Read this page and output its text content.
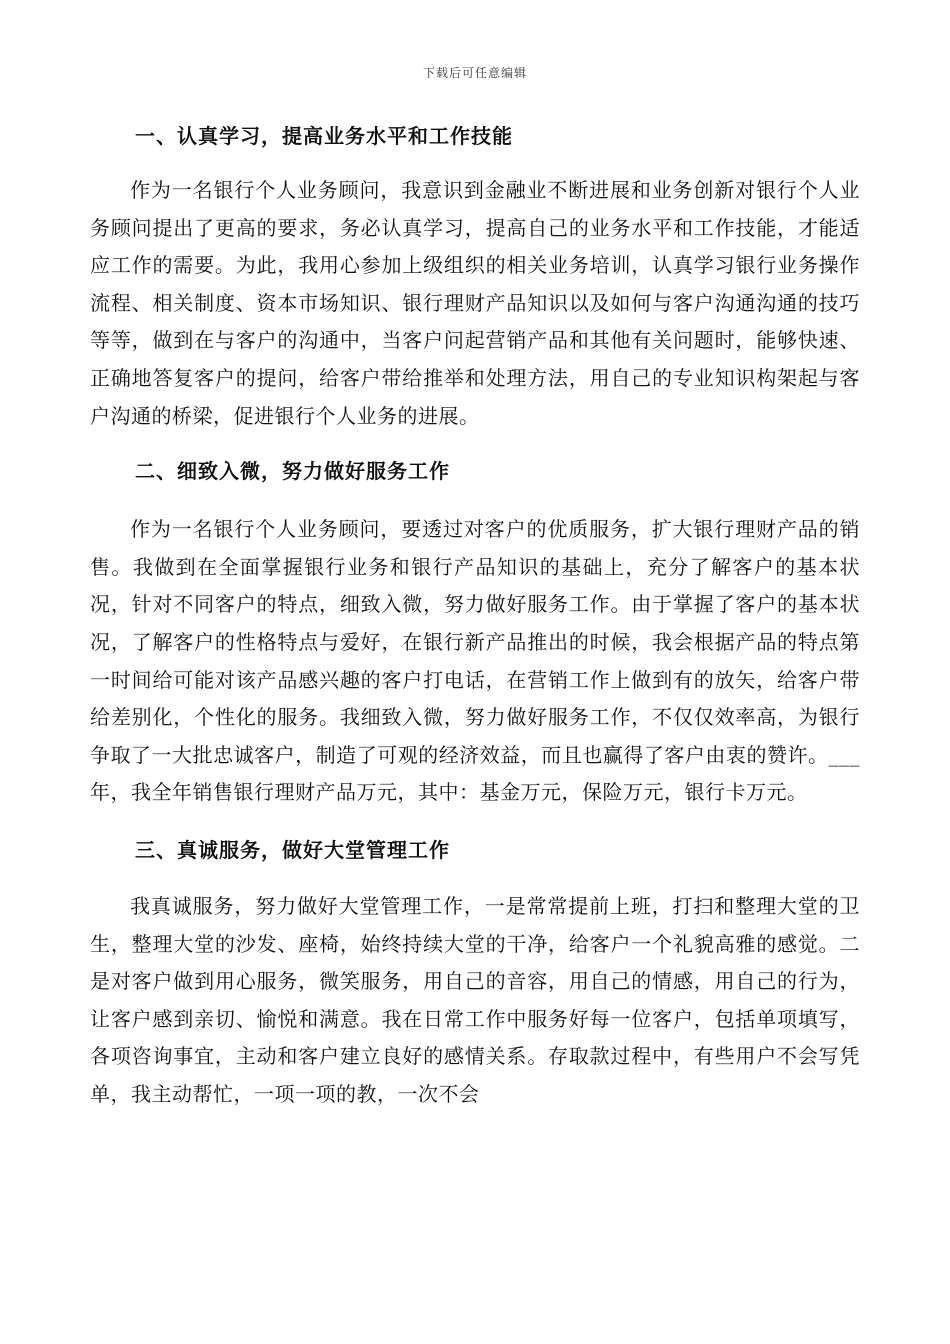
下载后可任意编辑

一、认真学习，提高业务水平和工作技能

作为一名银行个人业务顾问，我意识到金融业不断进展和业务创新对银行个人业务顾问提出了更高的要求，务必认真学习，提高自己的业务水平和工作技能，才能适应工作的需要。为此，我用心参加上级组织的相关业务培训，认真学习银行业务操作流程、相关制度、资本市场知识、银行理财产品知识以及如何与客户沟通沟通的技巧等等，做到在与客户的沟通中，当客户问起营销产品和其他有关问题时，能够快速、正确地答复客户的提问，给客户带给推举和处理方法，用自己的专业知识构架起与客户沟通的桥梁，促进银行个人业务的进展。

二、细致入微，努力做好服务工作

作为一名银行个人业务顾问，要透过对客户的优质服务，扩大银行理财产品的销售。我做到在全面掌握银行业务和银行产品知识的基础上，充分了解客户的基本状况，针对不同客户的特点，细致入微，努力做好服务工作。由于掌握了客户的基本状况，了解客户的性格特点与爱好，在银行新产品推出的时候，我会根据产品的特点第一时间给可能对该产品感兴趣的客户打电话，在营销工作上做到有的放矢，给客户带给差别化，个性化的服务。我细致入微，努力做好服务工作，不仅仅效率高，为银行争取了一大批忠诚客户，制造了可观的经济效益，而且也赢得了客户由衷的赞许。___年，我全年销售银行理财产品万元，其中：基金万元，保险万元，银行卡万元。

三、真诚服务，做好大堂管理工作

我真诚服务，努力做好大堂管理工作，一是常常提前上班，打扫和整理大堂的卫生，整理大堂的沙发、座椅，始终持续大堂的干净，给客户一个礼貌高雅的感觉。二是对客户做到用心服务，微笑服务，用自己的音容，用自己的情感，用自己的行为，让客户感到亲切、愉悦和满意。我在日常工作中服务好每一位客户，包括单项填写，各项咨询事宜，主动和客户建立良好的感情关系。存取款过程中，有些用户不会写凭单，我主动帮忙，一项一项的教，一次不会
